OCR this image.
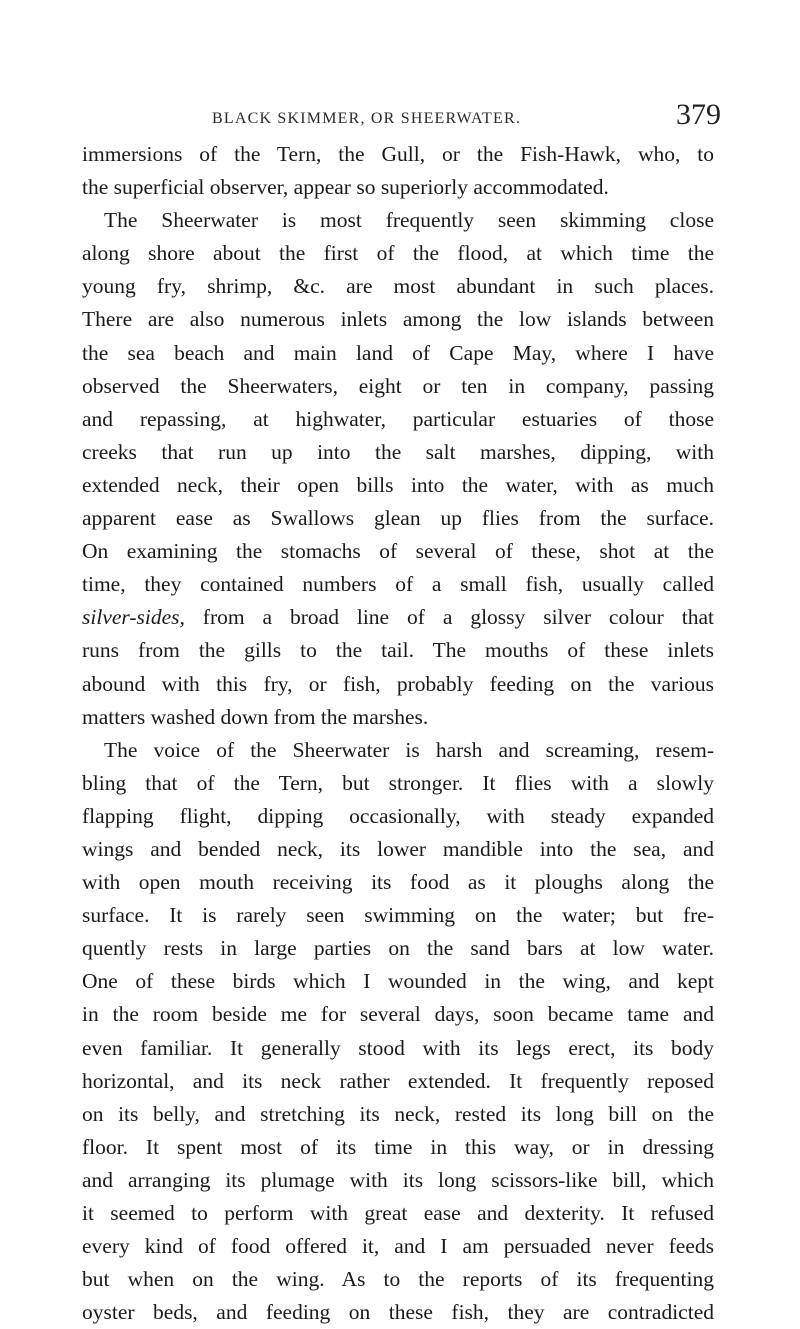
BLACK SKIMMER, OR SHEERWATER.	379
immersions of the Tern, the Gull, or the Fish-Hawk, who, to
the superficial observer, appear so superiorly accommodated.
The Sheerwater is most frequently seen skimming close
along shore about the first of the flood, at which time the
young fry, shrimp, &c. are most abundant in such places.
There are also numerous inlets among the low islands between
the sea beach and main land of Cape May, where I have
observed the Sheerwaters, eight or ten in company, passing
and repassing, at highwater, particular estuaries of those
creeks that run up into the salt marshes, dipping, with
extended neck, their open bills into the water, with as much
apparent ease as Swallows glean up flies from the surface.
On examining the stomachs of several of these, shot at the
time, they contained numbers of a small fish, usually called
silver-sides, from a broad line of a glossy silver colour that
runs from the gills to the tail. The mouths of these inlets
abound with this fry, or fish, probably feeding on the various
matters washed down from the marshes.
The voice of the Sheerwater is harsh and screaming, resem-
bling that of the Tern, but stronger. It flies with a slowly
flapping flight, dipping occasionally, with steady expanded
wings and bended neck, its lower mandible into the sea, and
with open mouth receiving its food as it ploughs along the
surface. It is rarely seen swimming on the water; but fre-
quently rests in large parties on the sand bars at low water.
One of these birds which I wounded in the wing, and kept
in the room beside me for several days, soon became tame and
even familiar. It generally stood with its legs erect, its body
horizontal, and its neck rather extended. It frequently reposed
on its belly, and stretching its neck, rested its long bill on the
floor. It spent most of its time in this way, or in dressing
and arranging its plumage with its long scissors-like bill, which
it seemed to perform with great ease and dexterity. It refused
every kind of food offered it, and I am persuaded never feeds
but when on the wing. As to the reports of its frequenting
oyster beds, and feeding on these fish, they are contradicted
